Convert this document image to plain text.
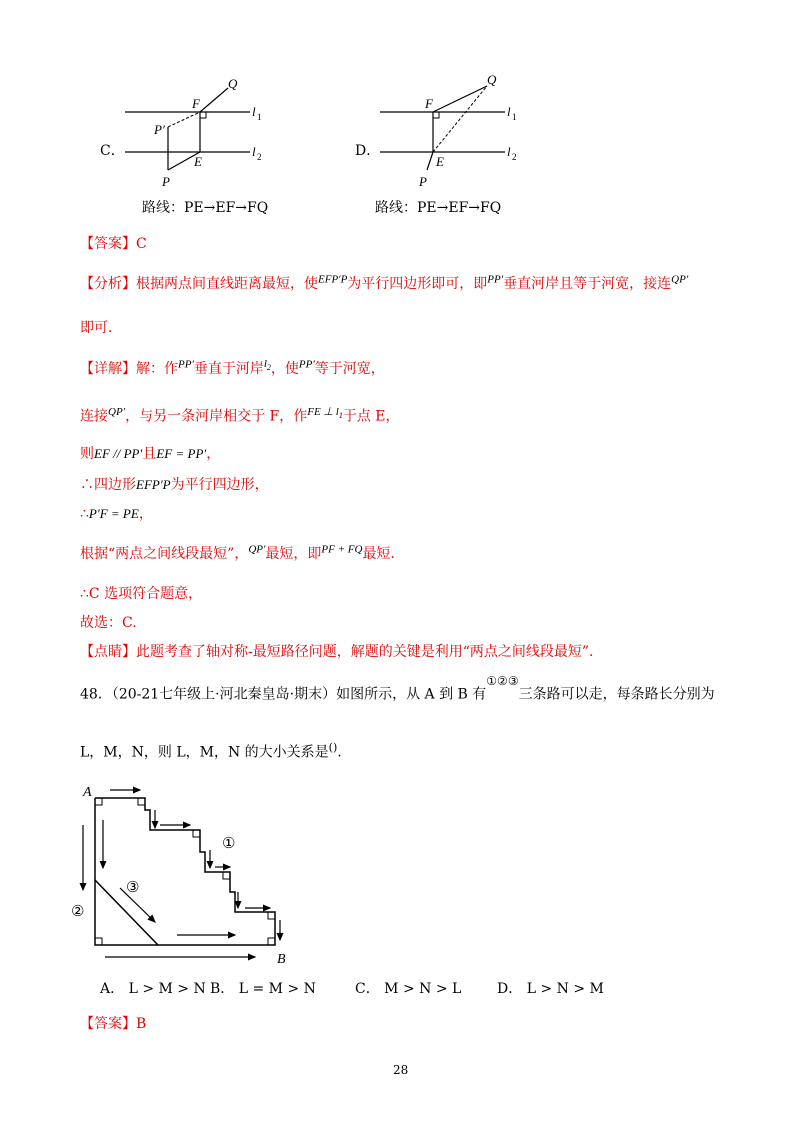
C．
F
Q
P′
E
P
l 1
l 2
路线：PE→EF→FQ
D．
F
Q
E
P
l 1
l 2
路线：PE→EF→FQ
【答案】C
【分析】根据两点间直线距离最短，使$^{EFP'P}$为平行四边形即可，即$^{PP'}$垂直河岸且等于河宽，接连$^{QP'}$
即可.
【详解】解：作$^{PP'}$垂直于河岸$^{l_2}$，使$^{PP'}$等于河宽，
连接$^{QP'}$，与另一条河岸相交于 F，作$^{FE \perp l_1}$于点 E，
则EF // PP′且EF = PP′，
∴四边形EFP′P为平行四边形，
∴P′F = PE，
根据“两点之间线段最短”，$^{QP'}$最短，即$^{PF + FQ}$最短.
∴C 选项符合题意，
故选：C.
【点睛】此题考查了轴对称-最短路径问题，解题的关键是利用“两点之间线段最短”.
48．（20-21七年级上·河北秦皇岛·期末）如图所示，从 A 到 B 有①②③三条路可以走，每条路长分别为
L，M，N，则 L，M，N 的大小关系是().
A
B
①
②
③
A． L > M > N B． L = M > N	C． M > N > L	D． L > N > M
【答案】B
28
